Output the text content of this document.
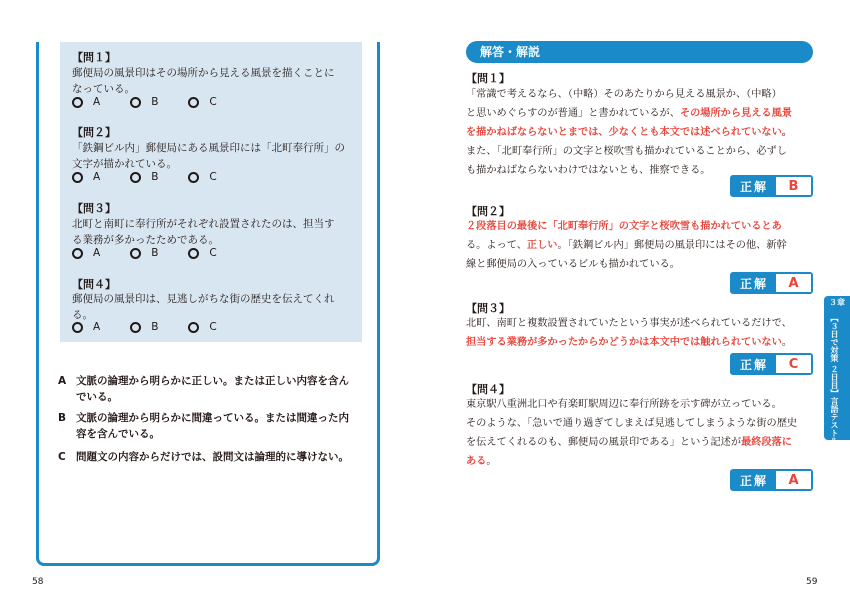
【問１】
郵便局の風景印はその場所から見える風景を描くことに
なっている。
A	B	C
【問２】
「鉄鋼ビル内」郵便局にある風景印には「北町奉行所」の
文字が描かれている。
A	B	C
【問３】
北町と南町に奉行所がそれぞれ設置されたのは、担当す
る業務が多かったためである。
A	B	C
【問４】
郵便局の風景印は、見逃しがちな街の歴史を伝えてくれ
る。
A	B	C
A 文脈の論理から明らかに正しい。または正しい内容を含ん
でいる。
B 文脈の論理から明らかに間違っている。または間違った内
容を含んでいる。
C 問題文の内容からだけでは、設問文は論理的に導けない。
58
解答・解説
【問１】
「常識で考えるなら、（中略）そのあたりから見える風景か、（中略）
と思いめぐらすのが普通」と書かれているが、その場所から見える風景
を描かねばならないとまでは、少なくとも本文では述べられていない。
また、「北町奉行所」の文字と桜吹雪も描かれていることから、必ずし
も描かねばならないわけではないとも、推察できる。
正解	B
【問２】
２段落目の最後に「北町奉行所」の文字と桜吹雪も描かれているとあ
る。よって、正しい。「鉄鋼ビル内」郵便局の風景印にはその他、新幹
線と郵便局の入っているビルも描かれている。
正解	A
【問３】
北町、南町と複数設置されていたという事実が述べられているだけで、
担当する業務が多かったからかどうかは本文中では触れられていない。
正解	C
【問４】
東京駅八重洲北口や有楽町駅周辺に奉行所跡を示す碑が立っている。
そのような、「急いで通り過ぎてしまえば見逃してしまうような街の歴史
を伝えてくれるのも、郵便局の風景印である」という記述が最終段落に
ある。
正解	A
３章
【３日で対策 ２日目】言語テスト＆非言語テストの解答のコツ
59
